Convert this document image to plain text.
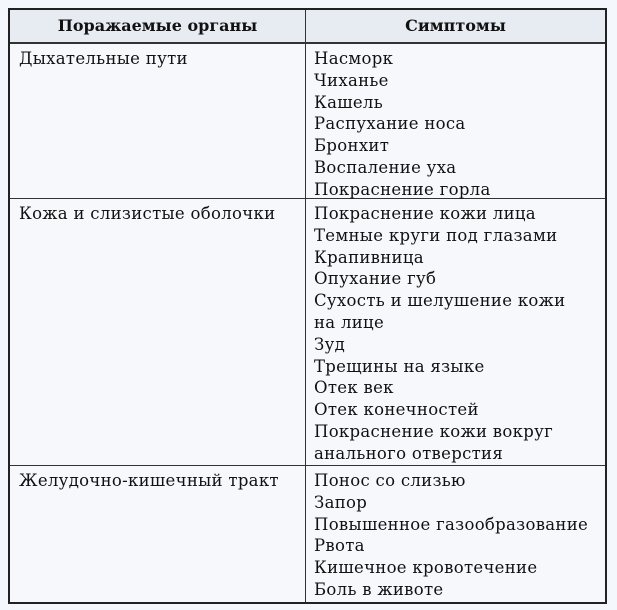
Поражаемые органы	Симптомы
Дыхательные пути	Насморк
Чиханье
Кашель
Распухание носа
Бронхит
Воспаление уха
Покраснение горла
Кожа и слизистые оболочки	Покраснение кожи лица
Темные круги под глазами
Крапивница
Опухание губ
Сухость и шелушение кожи
на лице
Зуд
Трещины на языке
Отек век
Отек конечностей
Покраснение кожи вокруг
анального отверстия
Желудочно-кишечный тракт	Понос со слизью
Запор
Повышенное газообразование
Рвота
Кишечное кровотечение
Боль в животе
